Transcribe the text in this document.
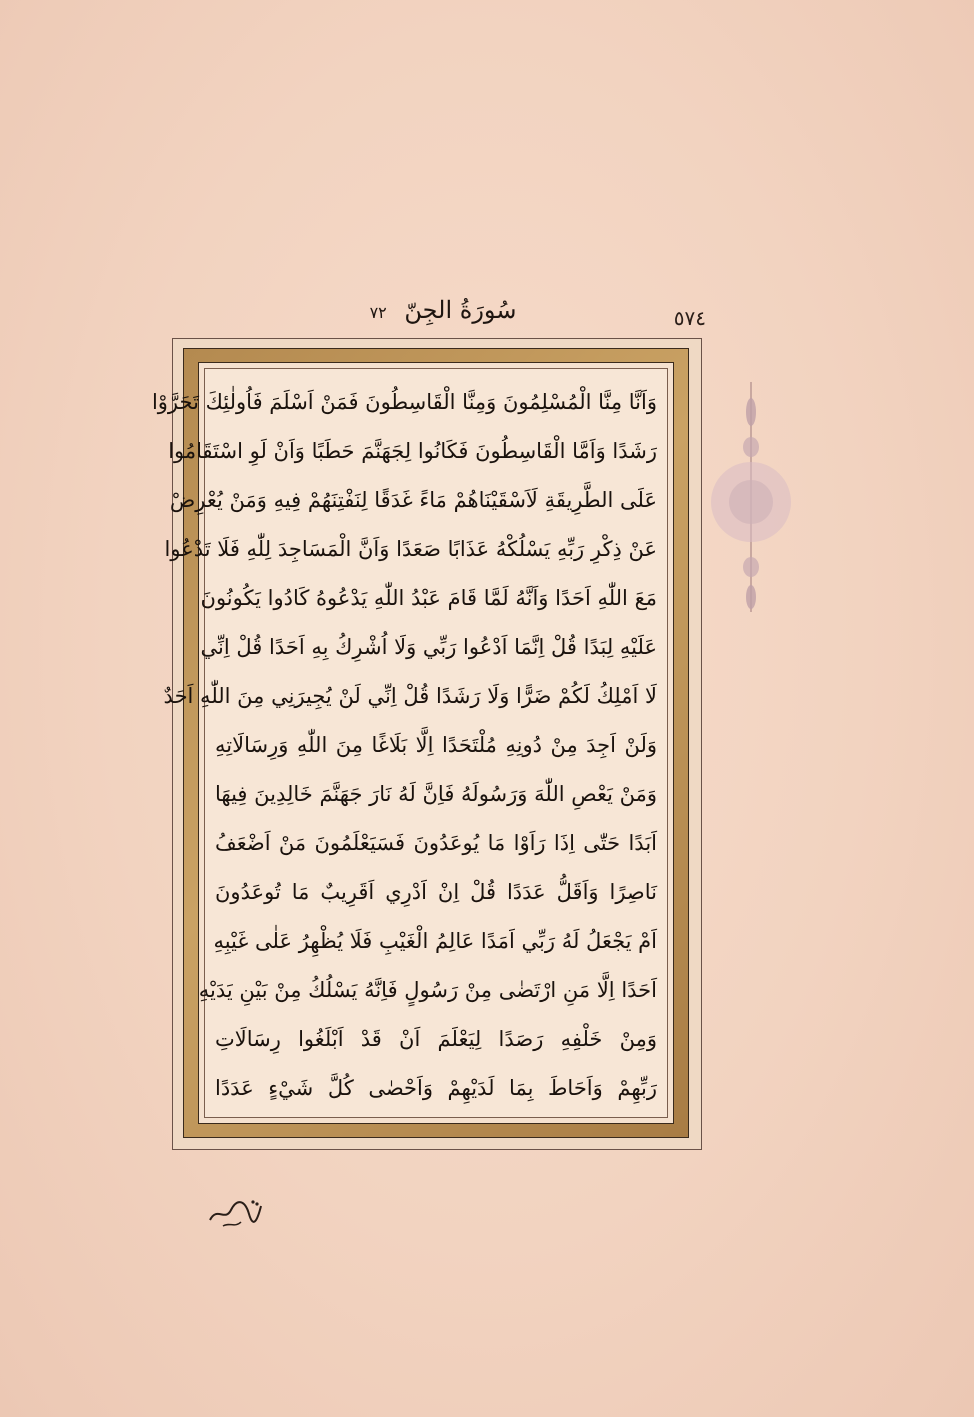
٥٧٤
سُورَةُ الجِنّ ٧٢
وَاَنَّا مِنَّا الْمُسْلِمُونَ وَمِنَّا الْقَاسِطُونَ فَمَنْ اَسْلَمَ فَاُولٰئِكَ تَحَرَّوْا
رَشَدًا وَاَمَّا الْقَاسِطُونَ فَكَانُوا لِجَهَنَّمَ حَطَبًا وَاَنْ لَوِ اسْتَقَامُوا
عَلَى الطَّرِيقَةِ لَاَسْقَيْنَاهُمْ مَاءً غَدَقًا لِنَفْتِنَهُمْ فِيهِ وَمَنْ يُعْرِضْ
عَنْ ذِكْرِ رَبِّهِ يَسْلُكْهُ عَذَابًا صَعَدًا وَاَنَّ الْمَسَاجِدَ لِلّٰهِ فَلَا تَدْعُوا
مَعَ اللّٰهِ اَحَدًا وَاَنَّهُ لَمَّا قَامَ عَبْدُ اللّٰهِ يَدْعُوهُ كَادُوا يَكُونُونَ
عَلَيْهِ لِبَدًا قُلْ اِنَّمَا اَدْعُوا رَبِّي وَلَا اُشْرِكُ بِهِ اَحَدًا قُلْ اِنِّي
لَا اَمْلِكُ لَكُمْ ضَرًّا وَلَا رَشَدًا قُلْ اِنِّي لَنْ يُجِيرَنِي مِنَ اللّٰهِ اَحَدٌ
وَلَنْ اَجِدَ مِنْ دُونِهِ مُلْتَحَدًا اِلَّا بَلَاغًا مِنَ اللّٰهِ وَرِسَالَاتِهِ
وَمَنْ يَعْصِ اللّٰهَ وَرَسُولَهُ فَاِنَّ لَهُ نَارَ جَهَنَّمَ خَالِدِينَ فِيهَا
اَبَدًا حَتّٰى اِذَا رَاَوْا مَا يُوعَدُونَ فَسَيَعْلَمُونَ مَنْ اَضْعَفُ
نَاصِرًا وَاَقَلُّ عَدَدًا قُلْ اِنْ اَدْرِي اَقَرِيبٌ مَا تُوعَدُونَ
اَمْ يَجْعَلُ لَهُ رَبِّي اَمَدًا عَالِمُ الْغَيْبِ فَلَا يُظْهِرُ عَلٰى غَيْبِهِ
اَحَدًا اِلَّا مَنِ ارْتَضٰى مِنْ رَسُولٍ فَاِنَّهُ يَسْلُكُ مِنْ بَيْنِ يَدَيْهِ
وَمِنْ خَلْفِهِ رَصَدًا لِيَعْلَمَ اَنْ قَدْ اَبْلَغُوا رِسَالَاتِ
رَبِّهِمْ وَاَحَاطَ بِمَا لَدَيْهِمْ وَاَحْصٰى كُلَّ شَيْءٍ عَدَدًا
